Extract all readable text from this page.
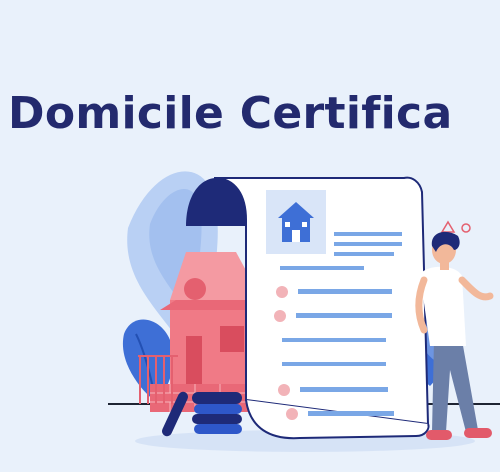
Domicile Certifica
